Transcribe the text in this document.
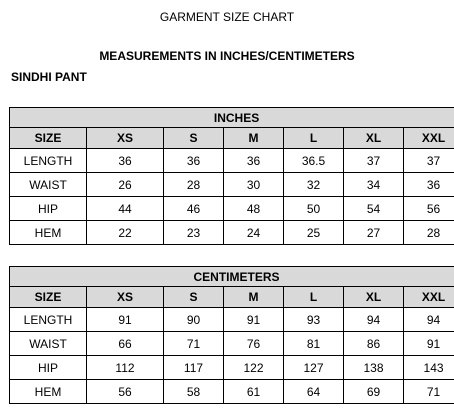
GARMENT SIZE CHART
MEASUREMENTS IN INCHES/CENTIMETERS
SINDHI PANT
INCHES						
SIZE	XS	S	M	L	XL	XXL
LENGTH	36	36	36	36.5	37	37
WAIST	26	28	30	32	34	36
HIP	44	46	48	50	54	56
HEM	22	23	24	25	27	28
CENTIMETERS						
SIZE	XS	S	M	L	XL	XXL
LENGTH	91	90	91	93	94	94
WAIST	66	71	76	81	86	91
HIP	112	117	122	127	138	143
HEM	56	58	61	64	69	71
